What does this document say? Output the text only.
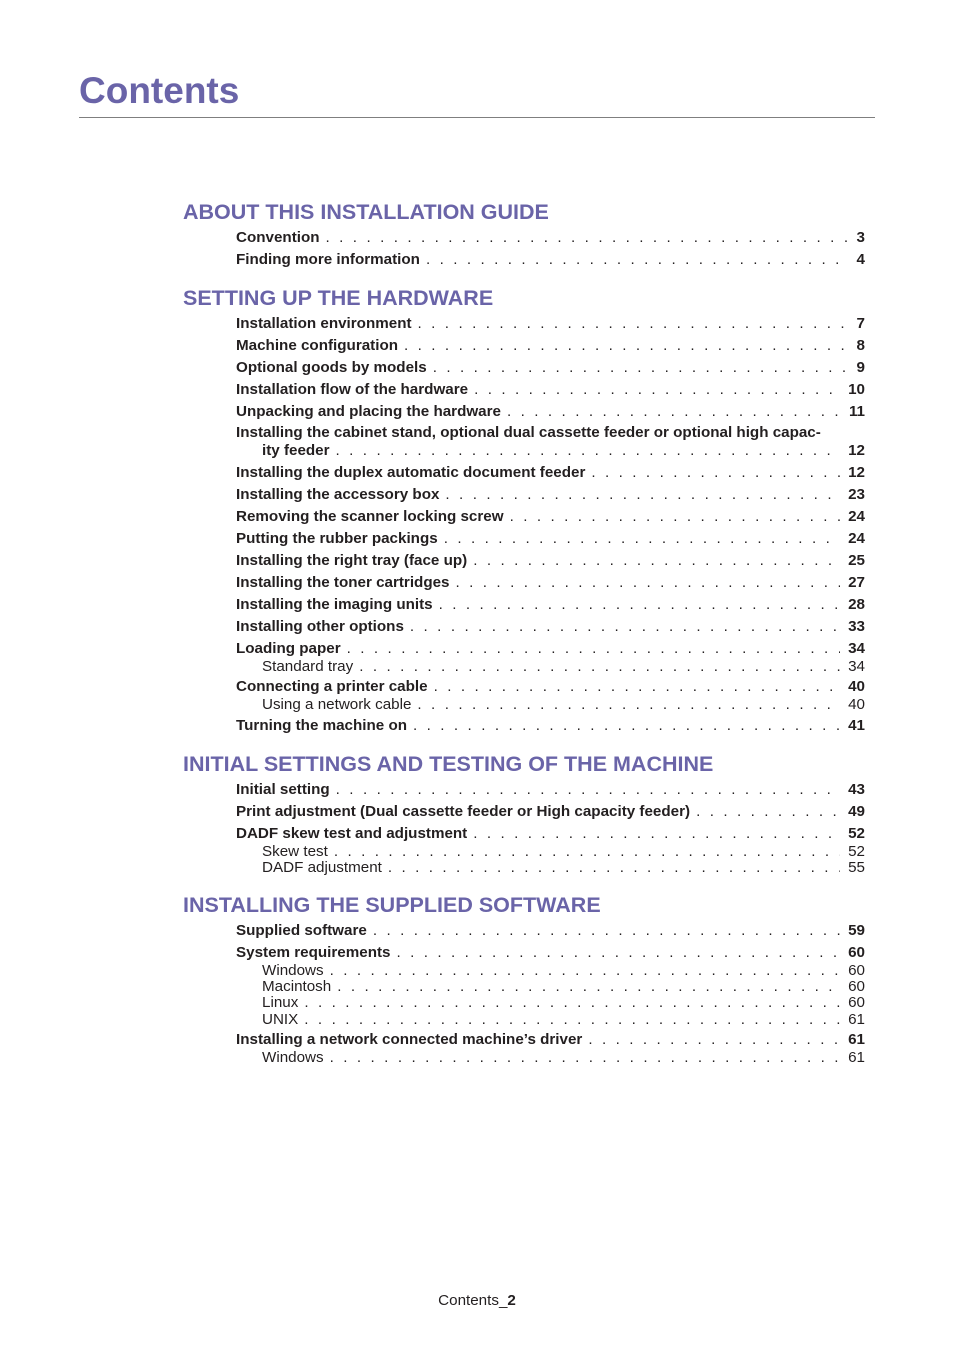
Contents
ABOUT THIS INSTALLATION GUIDE
Convention . . .	3
Finding more information . . .	4
SETTING UP THE HARDWARE
Installation environment . . .	7
Machine configuration . . .	8
Optional goods by models . . .	9
Installation flow of the hardware . . .	10
Unpacking and placing the hardware . . .	11
Installing the cabinet stand, optional dual cassette feeder or optional high capac-
ity feeder . . .	12
Installing the duplex automatic document feeder . . .	12
Installing the accessory box . . .	23
Removing the scanner locking screw . . .	24
Putting the rubber packings . . .	24
Installing the right tray (face up) . . .	25
Installing the toner cartridges . . .	27
Installing the imaging units . . .	28
Installing other options . . .	33
Loading paper . . .	34
Standard tray . . .	34
Connecting a printer cable . . .	40
Using a network cable . . .	40
Turning the machine on . . .	41
INITIAL SETTINGS AND TESTING OF THE MACHINE
Initial setting . . .	43
Print adjustment (Dual cassette feeder or High capacity feeder) . . .	49
DADF skew test and adjustment . . .	52
Skew test . . .	52
DADF adjustment . . .	55
INSTALLING THE SUPPLIED SOFTWARE
Supplied software . . .	59
System requirements . . .	60
Windows . . .	60
Macintosh . . .	60
Linux . . .	60
UNIX . . .	61
Installing a network connected machine’s driver . . .	61
Windows . . .	61
Contents_2
